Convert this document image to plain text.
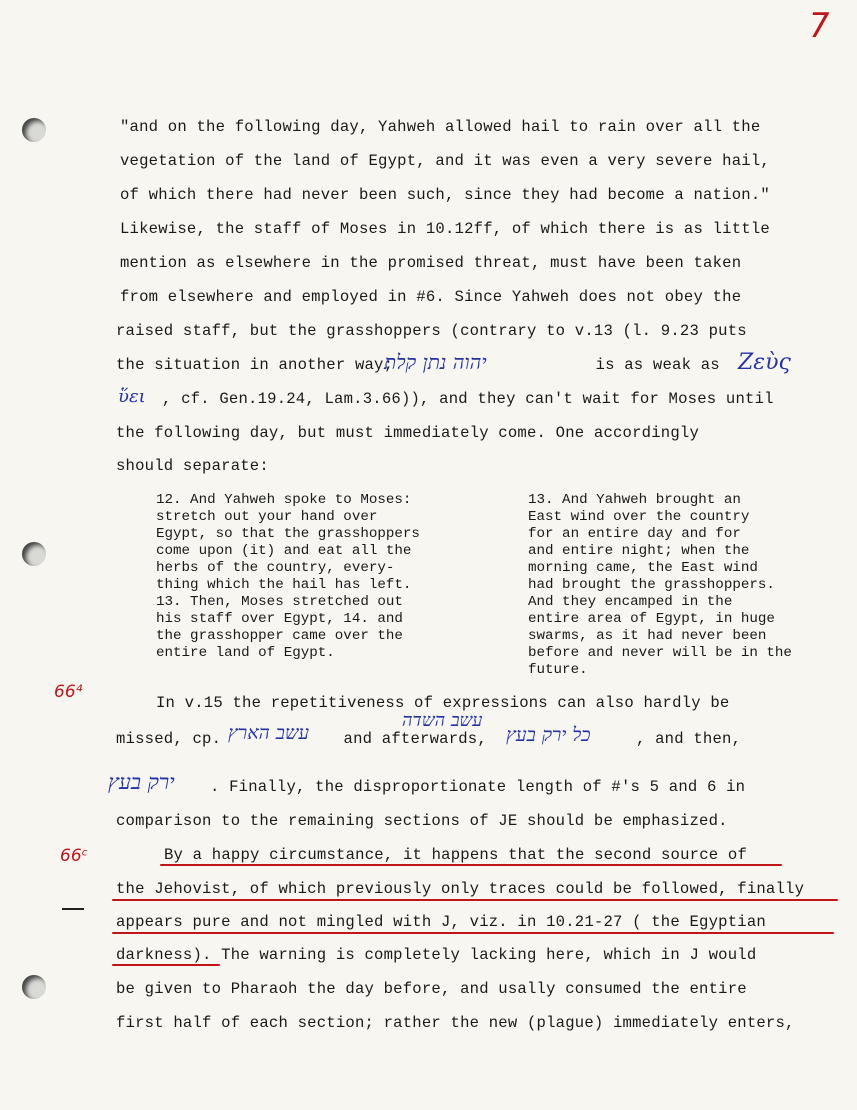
7
"and on the following day, Yahweh allowed hail to rain over all the
vegetation of the land of Egypt, and it was even a very severe hail,
of which there had never been such, since they had become a nation."
Likewise, the staff of Moses in 10.12ff, of which there is as little
mention as elsewhere in the promised threat, must have been taken
from elsewhere and employed in #6. Since Yahweh does not obey the
raised staff, but the grasshoppers (contrary to v.13 (l. 9.23 puts
the situation in another way;
יהוה נתן קלת	is as weak as Ζεὺς
ὕει , cf. Gen.19.24, Lam.3.66)), and they can't wait for Moses until
the following day, but must immediately come. One accordingly
should separate:
12. And Yahweh spoke to Moses:
stretch out your hand over
Egypt, so that the grasshoppers
come upon (it) and eat all the
herbs of the country, every-
thing which the hail has left.
13. Then, Moses stretched out
his staff over Egypt, 14. and
the grasshopper came over the
entire land of Egypt.
13. And Yahweh brought an
East wind over the country
for an entire day and for
and entire night; when the
morning came, the East wind
had brought the grasshoppers.
And they encamped in the
entire area of Egypt, in huge
swarms, as it had never been
before and never will be in the
future.
66⁴
In v.15 the repetitiveness of expressions can also hardly be
עשב השדה
missed, cp.
עשב הארץ and afterwards, כל ירק בעץ	, and then,
ירק בעץ . Finally, the disproportionate length of #'s 5 and 6 in
comparison to the remaining sections of JE should be emphasized.
66ᶜ	By a happy circumstance, it happens that the second source of
the Jehovist, of which previously only traces could be followed, finally
appears pure and not mingled with J, viz. in 10.21-27 ( the Egyptian
darkness). The warning is completely lacking here, which in J would
be given to Pharaoh the day before, and usally consumed the entire
first half of each section; rather the new (plague) immediately enters,
